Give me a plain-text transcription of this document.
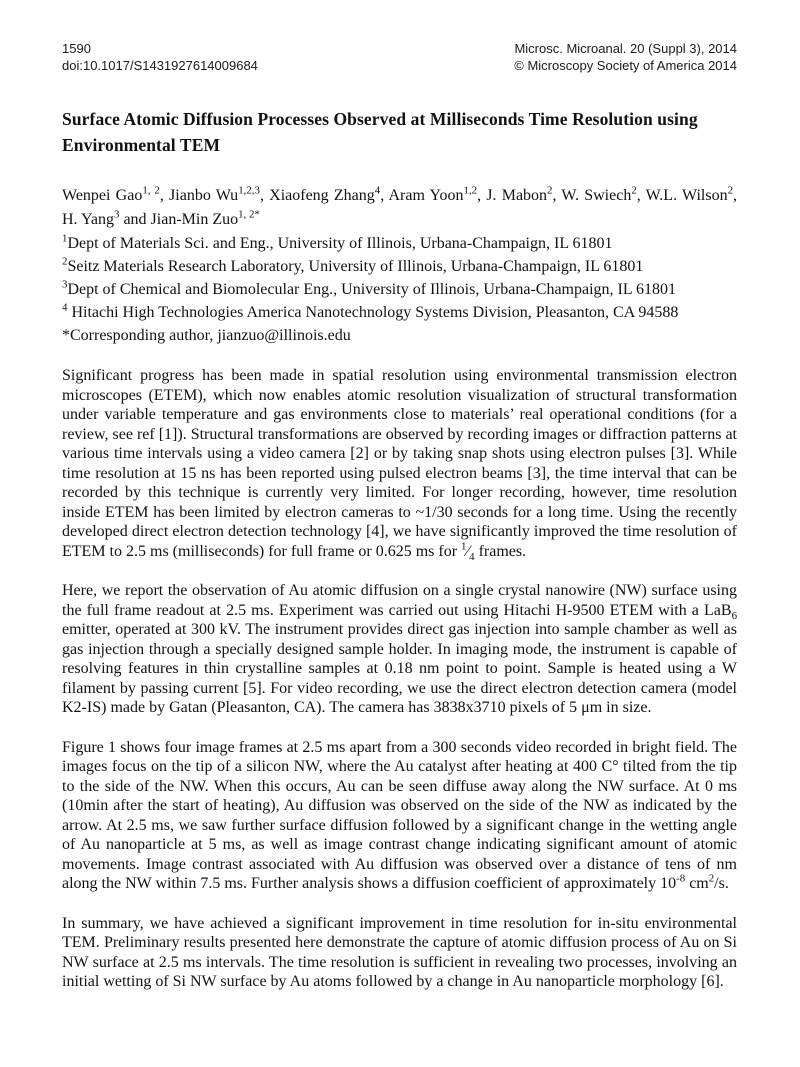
1590
doi:10.1017/S1431927614009684
Microsc. Microanal. 20 (Suppl 3), 2014
© Microscopy Society of America 2014
Surface Atomic Diffusion Processes Observed at Milliseconds Time Resolution using Environmental TEM
Wenpei Gao$^{1, 2}$, Jianbo Wu$^{1,2,3}$, Xiaofeng Zhang$^4$, Aram Yoon$^{1,2}$, J. Mabon$^2$, W. Swiech$^2$, W.L. Wilson$^2$, H. Yang$^3$ and Jian-Min Zuo$^{1, 2*}$
$^1$Dept of Materials Sci. and Eng., University of Illinois, Urbana-Champaign, IL 61801
$^2$Seitz Materials Research Laboratory, University of Illinois, Urbana-Champaign, IL 61801
$^3$Dept of Chemical and Biomolecular Eng., University of Illinois, Urbana-Champaign, IL 61801
$^4$ Hitachi High Technologies America Nanotechnology Systems Division, Pleasanton, CA 94588
*Corresponding author, jianzuo@illinois.edu

Significant progress has been made in spatial resolution using environmental transmission electron microscopes (ETEM), which now enables atomic resolution visualization of structural transformation under variable temperature and gas environments close to materials’ real operational conditions (for a review, see ref [1]). Structural transformations are observed by recording images or diffraction patterns at various time intervals using a video camera [2] or by taking snap shots using electron pulses [3]. While time resolution at 15 ns has been reported using pulsed electron beams [3], the time interval that can be recorded by this technique is currently very limited. For longer recording, however, time resolution inside ETEM has been limited by electron cameras to ~1/30 seconds for a long time. Using the recently developed direct electron detection technology [4], we have significantly improved the time resolution of ETEM to 2.5 ms (milliseconds) for full frame or 0.625 ms for $^1⁄_4$ frames.

Here, we report the observation of Au atomic diffusion on a single crystal nanowire (NW) surface using the full frame readout at 2.5 ms. Experiment was carried out using Hitachi H-9500 ETEM with a LaB$_6$ emitter, operated at 300 kV. The instrument provides direct gas injection into sample chamber as well as gas injection through a specially designed sample holder. In imaging mode, the instrument is capable of resolving features in thin crystalline samples at 0.18 nm point to point. Sample is heated using a W filament by passing current [5]. For video recording, we use the direct electron detection camera (model K2-IS) made by Gatan (Pleasanton, CA). The camera has 3838x3710 pixels of 5 μm in size.

Figure 1 shows four image frames at 2.5 ms apart from a 300 seconds video recorded in bright field. The images focus on the tip of a silicon NW, where the Au catalyst after heating at 400 C° tilted from the tip to the side of the NW. When this occurs, Au can be seen diffuse away along the NW surface. At 0 ms (10min after the start of heating), Au diffusion was observed on the side of the NW as indicated by the arrow. At 2.5 ms, we saw further surface diffusion followed by a significant change in the wetting angle of Au nanoparticle at 5 ms, as well as image contrast change indicating significant amount of atomic movements. Image contrast associated with Au diffusion was observed over a distance of tens of nm along the NW within 7.5 ms. Further analysis shows a diffusion coefficient of approximately $10^{-8}$ $cm^2/s$.

In summary, we have achieved a significant improvement in time resolution for in-situ environmental TEM. Preliminary results presented here demonstrate the capture of atomic diffusion process of Au on Si NW surface at 2.5 ms intervals. The time resolution is sufficient in revealing two processes, involving an initial wetting of Si NW surface by Au atoms followed by a change in Au nanoparticle morphology [6].
